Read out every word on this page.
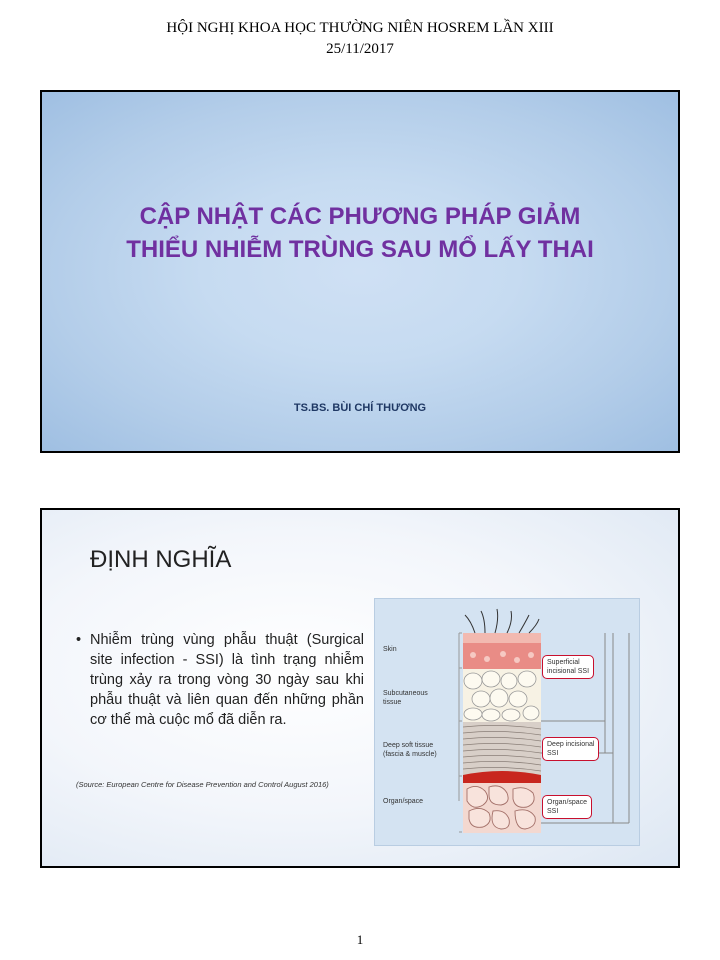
HỘI NGHỊ KHOA HỌC THƯỜNG NIÊN HOSREM LẦN XIII
25/11/2017
CẬP NHẬT CÁC PHƯƠNG PHÁP GIẢM
THIỂU NHIỄM TRÙNG SAU MỔ LẤY THAI
TS.BS. BÙI CHÍ THƯƠNG
ĐỊNH NGHĨA
• Nhiễm trùng vùng phẫu thuật (Surgical site infection - SSI) là tình trạng nhiễm trùng xảy ra trong vòng 30 ngày sau khi phẫu thuật và liên quan đến những phần cơ thể mà cuộc mổ đã diễn ra.
(Source: European Centre for Disease Prevention and Control August 2016)
Skin
Subcutaneous
tissue
Deep soft tissue
(fascia & muscle)
Organ/space
Superficial
incisional SSI
Deep incisional
SSI
Organ/space
SSI
1
